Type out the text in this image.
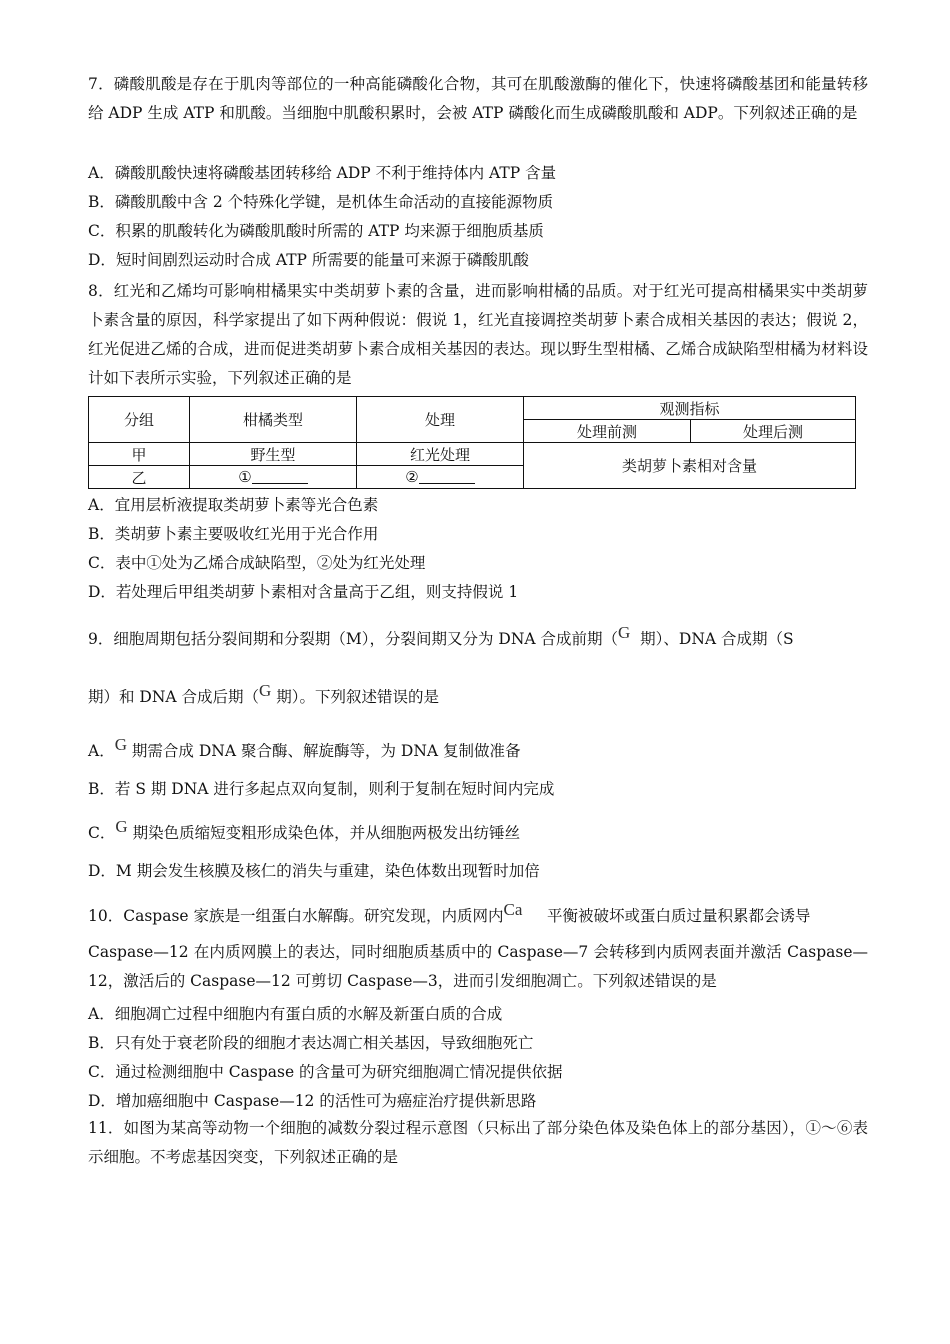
7．磷酸肌酸是存在于肌肉等部位的一种高能磷酸化合物，其可在肌酸激酶的催化下，快速将磷酸基团和能量转移给 ADP 生成 ATP 和肌酸。当细胞中肌酸积累时，会被 ATP 磷酸化而生成磷酸肌酸和 ADP。下列叙述正确的是
A．磷酸肌酸快速将磷酸基团转移给 ADP 不利于维持体内 ATP 含量
B．磷酸肌酸中含 2 个特殊化学键，是机体生命活动的直接能源物质
C．积累的肌酸转化为磷酸肌酸时所需的 ATP 均来源于细胞质基质
D．短时间剧烈运动时合成 ATP 所需要的能量可来源于磷酸肌酸
8．红光和乙烯均可影响柑橘果实中类胡萝卜素的含量，进而影响柑橘的品质。对于红光可提高柑橘果实中类胡萝卜素含量的原因，科学家提出了如下两种假说：假说 1，红光直接调控类胡萝卜素合成相关基因的表达；假说 2，红光促进乙烯的合成，进而促进类胡萝卜素合成相关基因的表达。现以野生型柑橘、乙烯合成缺陷型柑橘为材料设计如下表所示实验，下列叙述正确的是
分组	柑橘类型	处理	观测指标	
			处理前测	处理后测
甲	野生型	红光处理	类胡萝卜素相对含量	
乙	①	②		
A．宜用层析液提取类胡萝卜素等光合色素
B．类胡萝卜素主要吸收红光用于光合作用
C．表中①处为乙烯合成缺陷型，②处为红光处理
D．若处理后甲组类胡萝卜素相对含量高于乙组，则支持假说 1
9．细胞周期包括分裂间期和分裂期（M），分裂间期又分为 DNA 合成前期（G 期）、DNA 合成期（S
期）和 DNA 合成后期（G 期）。下列叙述错误的是
A．G 期需合成 DNA 聚合酶、解旋酶等，为 DNA 复制做准备
B．若 S 期 DNA 进行多起点双向复制，则利于复制在短时间内完成
C．G 期染色质缩短变粗形成染色体，并从细胞两极发出纺锤丝
D．M 期会发生核膜及核仁的消失与重建，染色体数出现暂时加倍
10．Caspase 家族是一组蛋白水解酶。研究发现，内质网内Ca 平衡被破坏或蛋白质过量积累都会诱导
Caspase—12 在内质网膜上的表达，同时细胞质基质中的 Caspase—7 会转移到内质网表面并激活 Caspase—12，激活后的 Caspase—12 可剪切 Caspase—3，进而引发细胞凋亡。下列叙述错误的是
A．细胞凋亡过程中细胞内有蛋白质的水解及新蛋白质的合成
B．只有处于衰老阶段的细胞才表达凋亡相关基因，导致细胞死亡
C．通过检测细胞中 Caspase 的含量可为研究细胞凋亡情况提供依据
D．增加癌细胞中 Caspase—12 的活性可为癌症治疗提供新思路
11．如图为某高等动物一个细胞的减数分裂过程示意图（只标出了部分染色体及染色体上的部分基因），①～⑥表示细胞。不考虑基因突变，下列叙述正确的是
